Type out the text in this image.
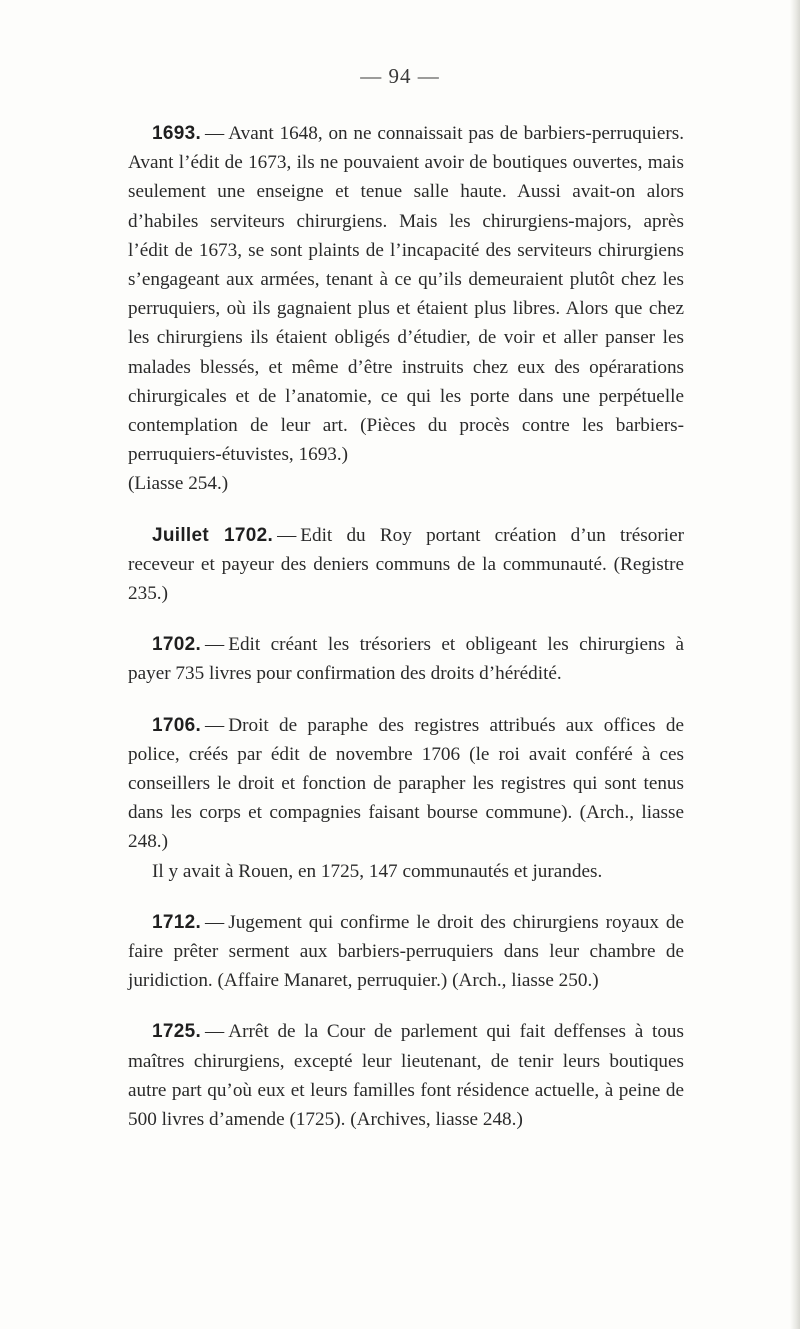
— 94 —
1693. — Avant 1648, on ne connaissait pas de barbiers-perruquiers. Avant l’édit de 1673, ils ne pouvaient avoir de boutiques ouvertes, mais seulement une enseigne et tenue salle haute. Aussi avait-on alors d’habiles serviteurs chirurgiens. Mais les chirurgiens-majors, après l’édit de 1673, se sont plaints de l’incapacité des serviteurs chirurgiens s’engageant aux armées, tenant à ce qu’ils demeuraient plutôt chez les perruquiers, où ils gagnaient plus et étaient plus libres. Alors que chez les chirurgiens ils étaient obligés d’étudier, de voir et aller panser les malades blessés, et même d’être instruits chez eux des opérarations chirurgicales et de l’anatomie, ce qui les porte dans une perpétuelle contemplation de leur art. (Pièces du procès contre les barbiers-perruquiers-étuvistes, 1693.)
(Liasse 254.)
Juillet 1702. — Edit du Roy portant création d’un trésorier receveur et payeur des deniers communs de la communauté. (Registre 235.)
1702. — Edit créant les trésoriers et obligeant les chirurgiens à payer 735 livres pour confirmation des droits d’hérédité.
1706. — Droit de paraphe des registres attribués aux offices de police, créés par édit de novembre 1706 (le roi avait conféré à ces conseillers le droit et fonction de parapher les registres qui sont tenus dans les corps et compagnies faisant bourse commune). (Arch., liasse 248.)

Il y avait à Rouen, en 1725, 147 communautés et jurandes.

1712. — Jugement qui confirme le droit des chirurgiens royaux de faire prêter serment aux barbiers-perruquiers dans leur chambre de juridiction. (Affaire Manaret, perruquier.) (Arch., liasse 250.)
1725. — Arrêt de la Cour de parlement qui fait deffenses à tous maîtres chirurgiens, excepté leur lieutenant, de tenir leurs boutiques autre part qu’où eux et leurs familles font résidence actuelle, à peine de 500 livres d’amende (1725). (Archives, liasse 248.)
